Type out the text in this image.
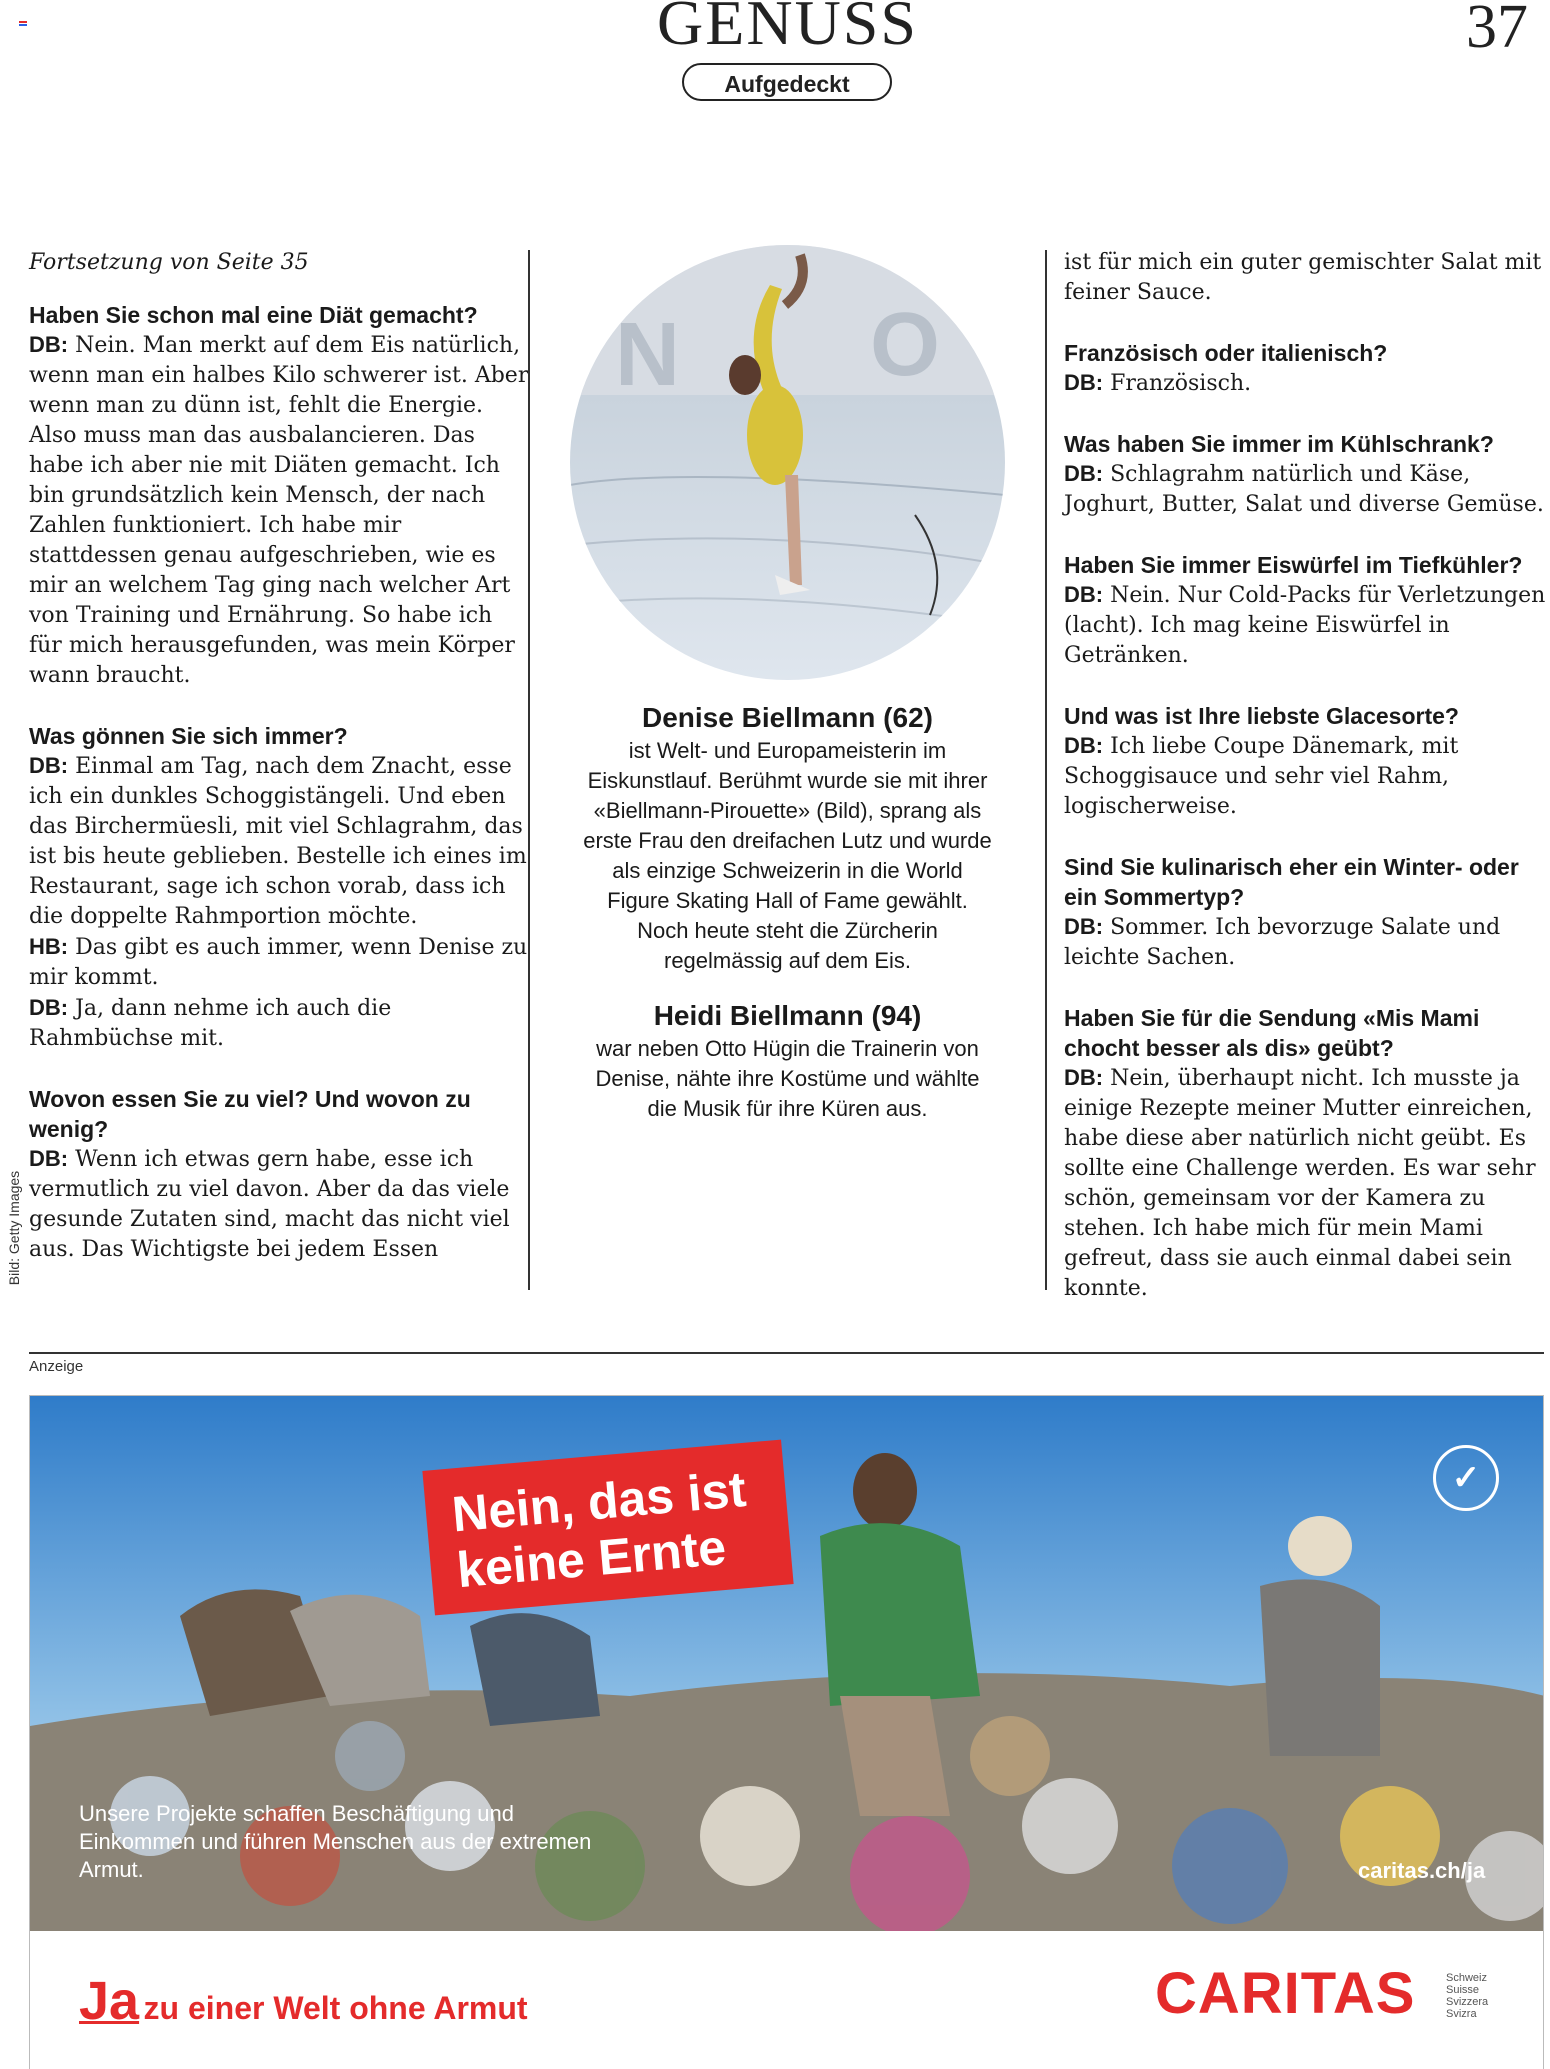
GENUSS
Aufgedeckt
37

Fortsetzung von Seite 35

Haben Sie schon mal eine Diät gemacht?
DB: Nein. Man merkt auf dem Eis natürlich, wenn man ein halbes Kilo schwerer ist. Aber wenn man zu dünn ist, fehlt die Energie. Also muss man das ausbalancieren. Das habe ich aber nie mit Diäten gemacht. Ich bin grundsätzlich kein Mensch, der nach Zahlen funktioniert. Ich habe mir stattdessen genau aufgeschrieben, wie es mir an welchem Tag ging nach welcher Art von Training und Ernährung. So habe ich für mich herausgefunden, was mein Körper wann braucht.

Was gönnen Sie sich immer?
DB: Einmal am Tag, nach dem Znacht, esse ich ein dunkles Schoggistängeli. Und eben das Birchermüesli, mit viel Schlagrahm, das ist bis heute geblieben. Bestelle ich eines im Restaurant, sage ich schon vorab, dass ich die doppelte Rahmportion möchte.
HB: Das gibt es auch immer, wenn Denise zu mir kommt.
DB: Ja, dann nehme ich auch die Rahmbüchse mit.

Wovon essen Sie zu viel? Und wovon zu wenig?
DB: Wenn ich etwas gern habe, esse ich vermutlich zu viel davon. Aber da das viele gesunde Zutaten sind, macht das nicht viel aus. Das Wichtigste bei jedem Essen

N O

Denise Biellmann (62)

ist Welt- und Europameisterin im Eiskunstlauf. Berühmt wurde sie mit ihrer «Biellmann-Pirouette» (Bild), sprang als erste Frau den dreifachen Lutz und wurde als einzige Schweizerin in die World Figure Skating Hall of Fame gewählt. Noch heute steht die Zürcherin regelmässig auf dem Eis.

Heidi Biellmann (94)

war neben Otto Hügin die Trainerin von Denise, nähte ihre Kostüme und wählte die Musik für ihre Küren aus.

Bild: Getty Images

ist für mich ein guter gemischter Salat mit feiner Sauce.

Französisch oder italienisch?
DB: Französisch.

Was haben Sie immer im Kühlschrank?
DB: Schlagrahm natürlich und Käse, Joghurt, Butter, Salat und diverse Gemüse.

Haben Sie immer Eiswürfel im Tiefkühler?
DB: Nein. Nur Cold-Packs für Verletzungen (lacht). Ich mag keine Eiswürfel in Getränken.

Und was ist Ihre liebste Glacesorte?
DB: Ich liebe Coupe Dänemark, mit Schoggisauce und sehr viel Rahm, logischerweise.

Sind Sie kulinarisch eher ein Winter- oder ein Sommertyp?
DB: Sommer. Ich bevorzuge Salate und leichte Sachen.

Haben Sie für die Sendung «Mis Mami chocht besser als dis» geübt?
DB: Nein, überhaupt nicht. Ich musste ja einige Rezepte meiner Mutter einreichen, habe diese aber natürlich nicht geübt. Es sollte eine Challenge werden. Es war sehr schön, gemeinsam vor der Kamera zu stehen. Ich habe mich für mein Mami gefreut, dass sie auch einmal dabei sein konnte.

Anzeige
✓
Nein, das ist
keine Ernte
Unsere Projekte schaffen Beschäftigung und Einkommen und führen Menschen aus der extremen Armut.	caritas.ch/ja
Ja zu einer Welt ohne Armut	CARITAS	Schweiz
Suisse
Svizzera
Svizra
